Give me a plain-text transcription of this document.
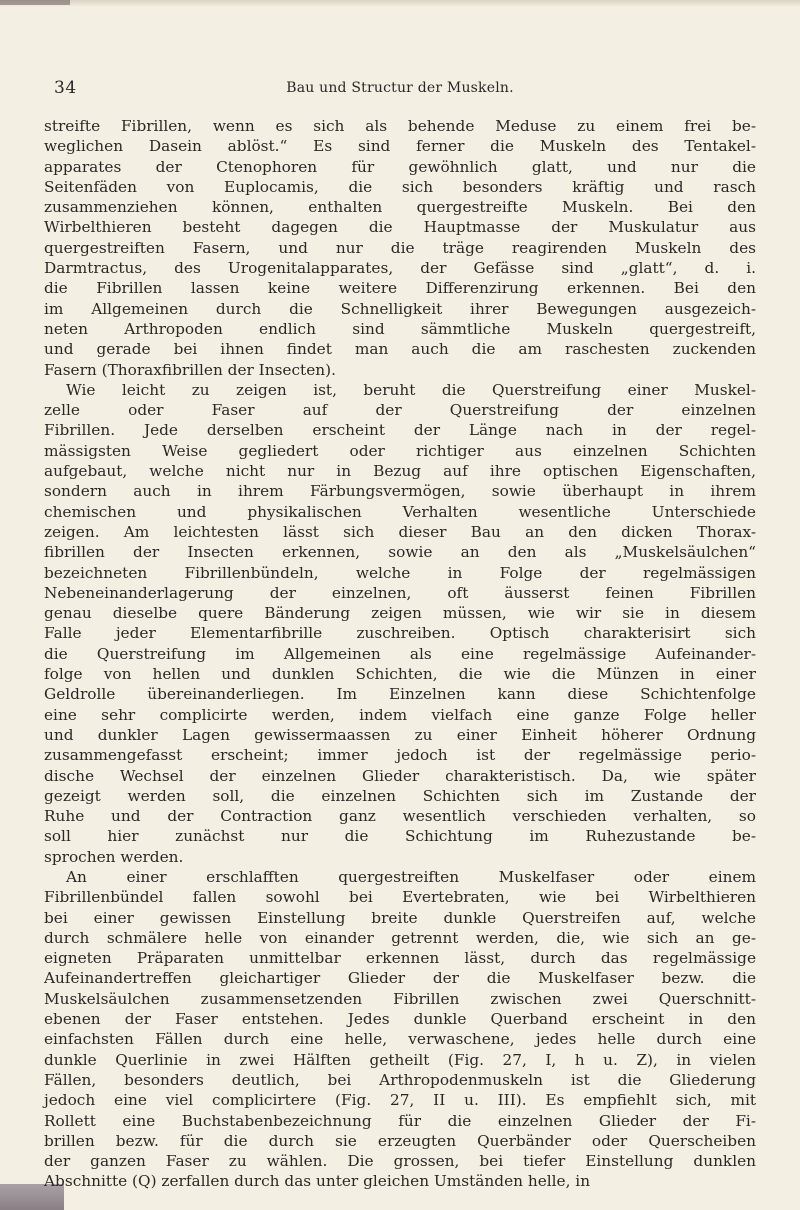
34	Bau und Structur der Muskeln.
streifte Fibrillen, wenn es sich als behende Meduse zu einem frei be-
weglichen Dasein ablöst.“ Es sind ferner die Muskeln des Tentakel-
apparates der Ctenophoren für gewöhnlich glatt, und nur die
Seitenfäden von Euplocamis, die sich besonders kräftig und rasch
zusammenziehen können, enthalten quergestreifte Muskeln. Bei den
Wirbelthieren besteht dagegen die Hauptmasse der Muskulatur aus
quergestreiften Fasern, und nur die träge reagirenden Muskeln des
Darmtractus, des Urogenitalapparates, der Gefässe sind „glatt“, d. i.
die Fibrillen lassen keine weitere Differenzirung erkennen. Bei den
im Allgemeinen durch die Schnelligkeit ihrer Bewegungen ausgezeich-
neten Arthropoden endlich sind sämmtliche Muskeln quergestreift,
und gerade bei ihnen findet man auch die am raschesten zuckenden
Fasern (Thoraxfibrillen der Insecten).
Wie leicht zu zeigen ist, beruht die Querstreifung einer Muskel-
zelle oder Faser auf der Querstreifung der einzelnen
Fibrillen. Jede derselben erscheint der Länge nach in der regel-
mässigsten Weise gegliedert oder richtiger aus einzelnen Schichten
aufgebaut, welche nicht nur in Bezug auf ihre optischen Eigenschaften,
sondern auch in ihrem Färbungsvermögen, sowie überhaupt in ihrem
chemischen und physikalischen Verhalten wesentliche Unterschiede
zeigen. Am leichtesten lässt sich dieser Bau an den dicken Thorax-
fibrillen der Insecten erkennen, sowie an den als „Muskelsäulchen“
bezeichneten Fibrillenbündeln, welche in Folge der regelmässigen
Nebeneinanderlagerung der einzelnen, oft äusserst feinen Fibrillen
genau dieselbe quere Bänderung zeigen müssen, wie wir sie in diesem
Falle jeder Elementarfibrille zuschreiben. Optisch charakterisirt sich
die Querstreifung im Allgemeinen als eine regelmässige Aufeinander-
folge von hellen und dunklen Schichten, die wie die Münzen in einer
Geldrolle übereinanderliegen. Im Einzelnen kann diese Schichtenfolge
eine sehr complicirte werden, indem vielfach eine ganze Folge heller
und dunkler Lagen gewissermaassen zu einer Einheit höherer Ordnung
zusammengefasst erscheint; immer jedoch ist der regelmässige perio-
dische Wechsel der einzelnen Glieder charakteristisch. Da, wie später
gezeigt werden soll, die einzelnen Schichten sich im Zustande der
Ruhe und der Contraction ganz wesentlich verschieden verhalten, so
soll hier zunächst nur die Schichtung im Ruhezustande be-
sprochen werden.
An einer erschlafften quergestreiften Muskelfaser oder einem
Fibrillenbündel fallen sowohl bei Evertebraten, wie bei Wirbelthieren
bei einer gewissen Einstellung breite dunkle Querstreifen auf, welche
durch schmälere helle von einander getrennt werden, die, wie sich an ge-
eigneten Präparaten unmittelbar erkennen lässt, durch das regelmässige
Aufeinandertreffen gleichartiger Glieder der die Muskelfaser bezw. die
Muskelsäulchen zusammensetzenden Fibrillen zwischen zwei Querschnitt-
ebenen der Faser entstehen. Jedes dunkle Querband erscheint in den
einfachsten Fällen durch eine helle, verwaschene, jedes helle durch eine
dunkle Querlinie in zwei Hälften getheilt (Fig. 27, I, h u. Z), in vielen
Fällen, besonders deutlich, bei Arthropodenmuskeln ist die Gliederung
jedoch eine viel complicirtere (Fig. 27, II u. III). Es empfiehlt sich, mit
Rollett eine Buchstabenbezeichnung für die einzelnen Glieder der Fi-
brillen bezw. für die durch sie erzeugten Querbänder oder Querscheiben
der ganzen Faser zu wählen. Die grossen, bei tiefer Einstellung dunklen
Abschnitte (Q) zerfallen durch das unter gleichen Umständen helle, in
